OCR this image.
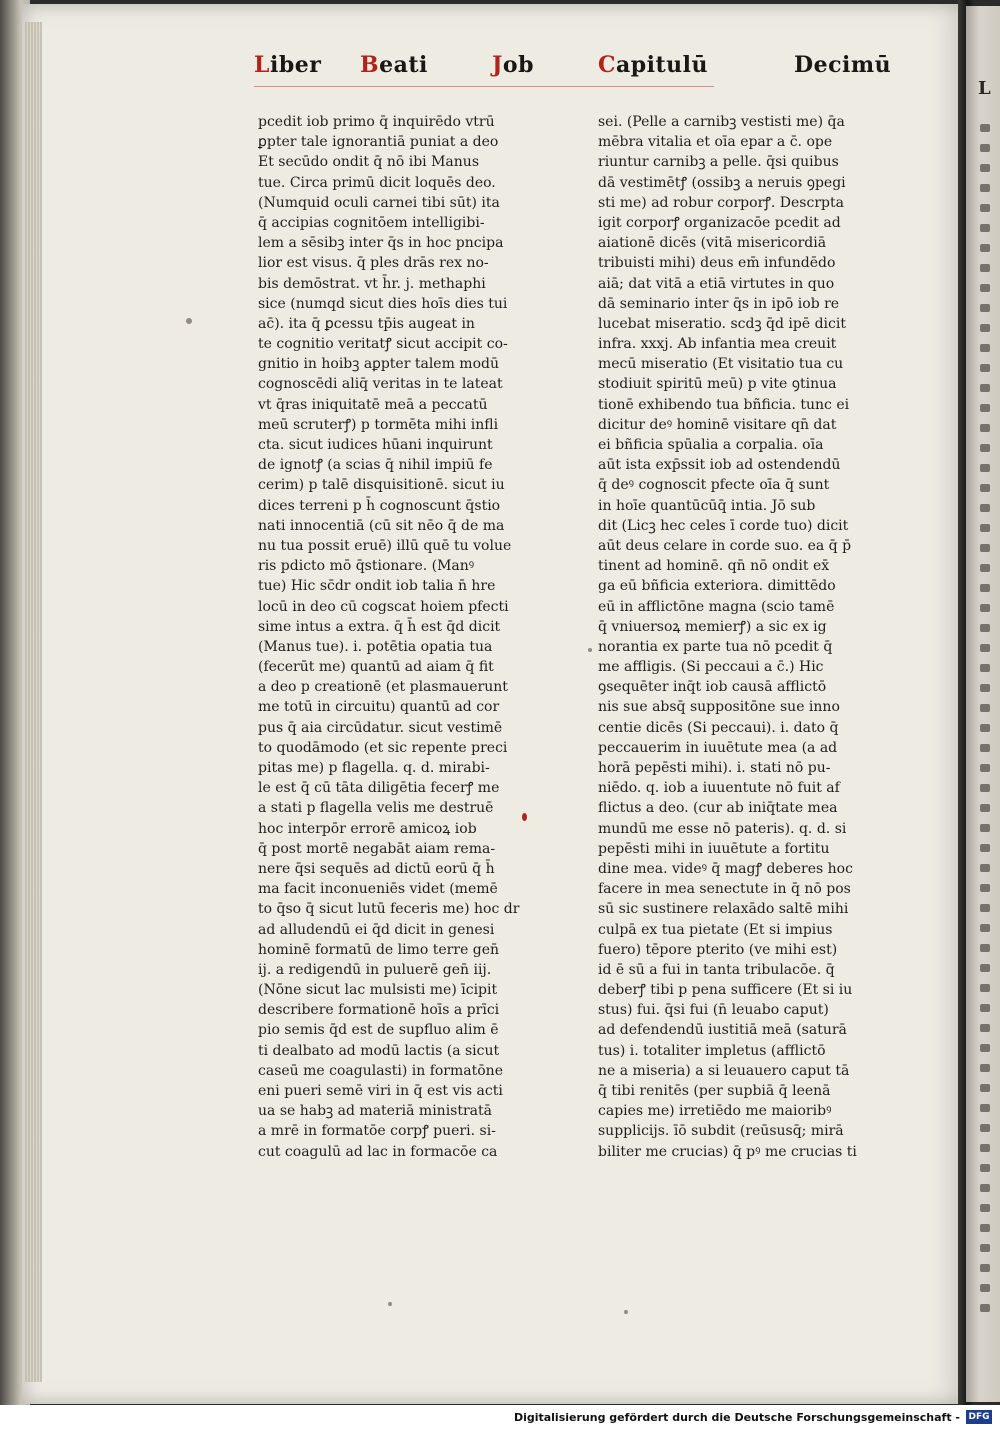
L
Liber Beati	Job	Capitulū	Decimū
pcedit iob primo q̄ inquirēdo vtrū
ꝑpter tale ignorantiā puniat a deo
Et secūdo ondit q̄ nō ibi Manus
tue. Circa primū dicit loquēs deo.
(Numquid oculi carnei tibi sūt) ita
q̄ accipias cognitōem intelligibi-
lem a sēsibꝫ inter q̄s in hoc pncipa
lior est visus. q̄ ples drās rex no-
bis demōstrat. vt h̄r. j. methaphi
sice (numqd sicut dies hoīs dies tui
ac̄). ita q̄ ꝑcessu tp̄is augeat in
te cognitio veritatꝭ sicut accipit co-
gnitio in hoibꝫ aꝑpter talem modū
cognoscēdi aliq̄ veritas in te lateat
vt q̄ras iniquitatē meā a peccatū
meū scruterꝭ) p tormēta mihi infli
cta. sicut iudices hūani inquirunt
de ignotꝭ (a scias q̄ nihil impiū fe
cerim) p talē disquisitionē. sicut iu
dices terreni p h̄ cognoscunt q̄stio
nati innocentiā (cū sit nēo q̄ de ma
nu tua possit eruē) illū quē tu volue
ris pdicto mō q̄stionare. (Manꝰ
tue) Hic sc̄dr ondit iob talia n̄ hre
locū in deo cū cogscat hoiem pfecti
sime intus a extra. q̄ h̄ est q̄d dicit
(Manus tue). i. potētia opatia tua
(fecerūt me) quantū ad aiam q̄ fit
a deo p creationē (et plasmauerunt
me totū in circuitu) quantū ad cor
pus q̄ aia circūdatur. sicut vestimē
to quodāmodo (et sic repente preci
pitas me) p flagella. q. d. mirabi-
le est q̄ cū tāta diligētia fecerꝭ me
a stati p flagella velis me destruē
hoc interpōr errorē amicoꝝ iob
q̄ post mortē negabāt aiam rema-
nere q̄si sequēs ad dictū eorū q̄ h̄
ma facit inconueniēs videt (memē
to q̄so q̄ sicut lutū feceris me) hoc dr
ad alludendū ei q̄d dicit in genesi
hominē formatū de limo terre gen̄
ij. a redigendū in puluerē gen̄ iij.
(Nōne sicut lac mulsisti me) īcipit
describere formationē hoīs a prīci
pio semis q̄d est de supfluo alim ē
ti dealbato ad modū lactis (a sicut
caseū me coagulasti) in formatōne
eni pueri semē viri in q̄ est vis acti
ua se habꝫ ad materiā ministratā
a mrē in formatōe corpꝭ pueri. si-
cut coagulū ad lac in formacōe ca
sei. (Pelle a carnibꝫ vestisti me) q̄a
mēbra vitalia et oīa epar a c̄. ope
riuntur carnibꝫ a pelle. q̄si quibus
dā vestimētꝭ (ossibꝫ a neruis ꝯpegi
sti me) ad robur corporꝭ. Descrpta
igit corporꝭ organizacōe pcedit ad
aiationē dicēs (vitā misericordiā
tribuisti mihi) deus em̄ infundēdo
aiā; dat vitā a etiā virtutes in quo
dā seminario inter q̄s in ipō iob re
lucebat miseratio. scdꝫ q̄d ipē dicit
infra. xxxj. Ab infantia mea creuit
mecū miseratio (Et visitatio tua cu
stodiuit spiritū meū) p vite ꝯtinua
tionē exhibendo tua bñficia. tunc ei
dicitur deꝰ hominē visitare qn̄ dat
ei bñficia spūalia a corpalia. oīa
aūt ista exp̄ssit iob ad ostendendū
q̄ deꝰ cognoscit pfecte oīa q̄ sunt
in hoīe quantūcūq̄ intia. Jō sub
dit (Licꝫ hec celes ī corde tuo) dicit
aūt deus celare in corde suo. ea q̄ p̄
tinent ad hominē. qn̄ nō ondit ex̄
ga eū bñficia exteriora. dimittēdo
eū in afflictōne magna (scio tamē
q̄ vniuersoꝝ memierꝭ) a sic ex ig
norantia ex parte tua nō pcedit q̄
me affligis. (Si peccaui a c̄.) Hic
ꝯsequēter inq̄t iob causā afflictō
nis sue absq̄ suppositōne sue inno
centie dicēs (Si peccaui). i. dato q̄
peccauerim in iuuētute mea (a ad
horā pepēsti mihi). i. stati nō pu-
niēdo. q. iob a iuuentute nō fuit af
flictus a deo. (cur ab iniq̄tate mea
mundū me esse nō pateris). q. d. si
pepēsti mihi in iuuētute a fortitu
dine mea. videꝰ q̄ magꝭ deberes hoc
facere in mea senectute in q̄ nō pos
sū sic sustinere relaxādo saltē mihi
culpā ex tua pietate (Et si impius
fuero) tēpore pterito (ve mihi est)
id ē sū a fui in tanta tribulacōe. q̄
deberꝭ tibi p pena sufficere (Et si iu
stus) fui. q̄si fui (n̄ leuabo caput)
ad defendendū iustitiā meā (saturā
tus) i. totaliter impletus (afflictō
ne a miseria) a si leuauero caput tā
q̄ tibi renitēs (per supbiā q̄ leenā
capies me) irretiēdo me maioribꝰ
supplicijs. īō subdit (reūsusq̄; mirā
biliter me crucias) q̄ pꝰ me crucias ti
Digitalisierung gefördert durch die Deutsche Forschungsgemeinschaft - DFG
